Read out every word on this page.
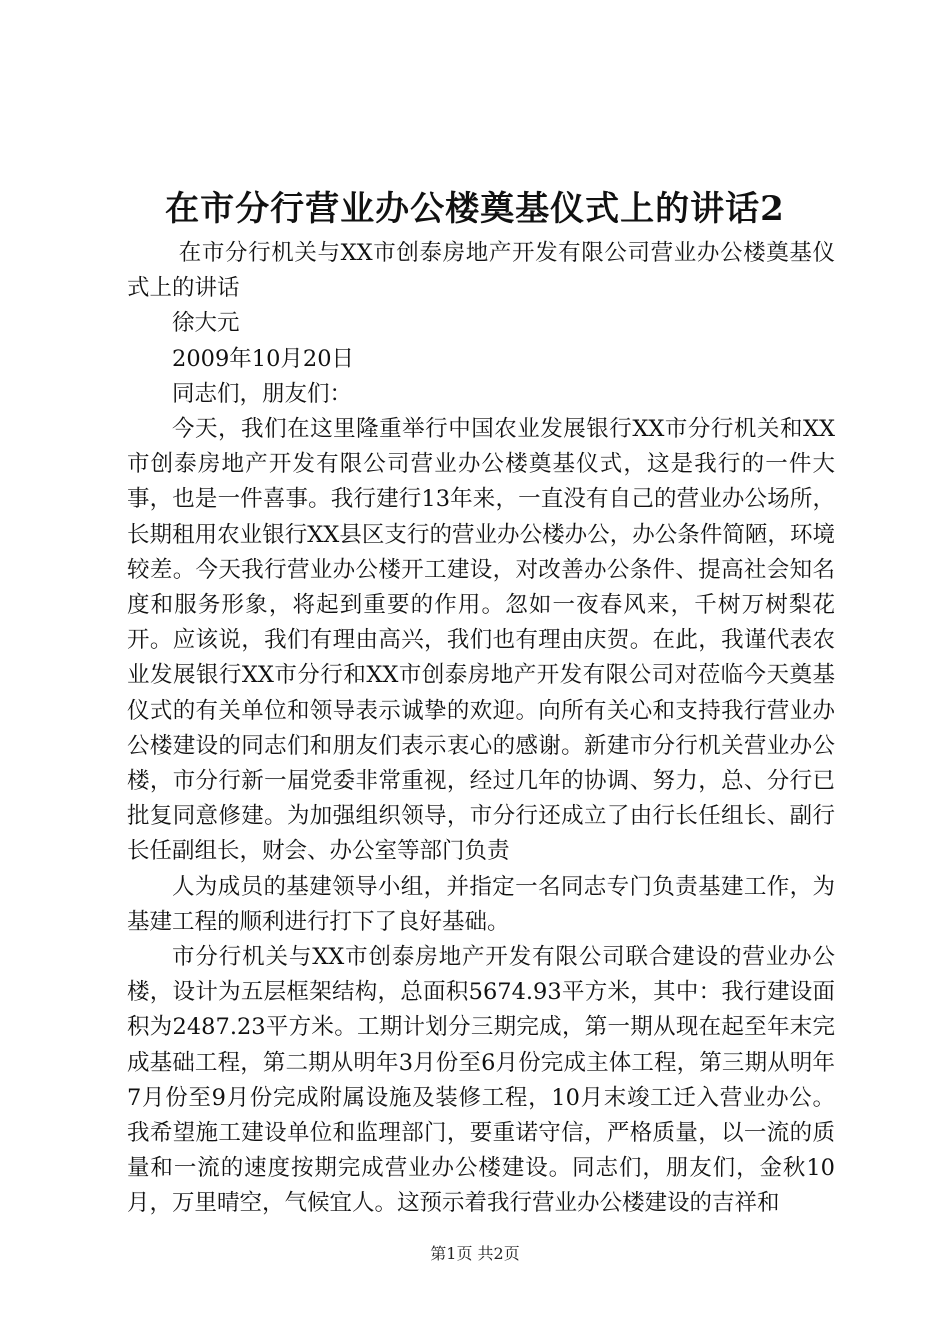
在市分行营业办公楼奠基仪式上的讲话2

在市分行机关与XX市创泰房地产开发有限公司营业办公楼奠基仪式上的讲话

徐大元

2009年10月20日

同志们，朋友们：

今天，我们在这里隆重举行中国农业发展银行XX市分行机关和XX市创泰房地产开发有限公司营业办公楼奠基仪式，这是我行的一件大事，也是一件喜事。我行建行13年来，一直没有自己的营业办公场所，长期租用农业银行XX县区支行的营业办公楼办公，办公条件简陋，环境较差。今天我行营业办公楼开工建设，对改善办公条件、提高社会知名度和服务形象，将起到重要的作用。忽如一夜春风来，千树万树梨花开。应该说，我们有理由高兴，我们也有理由庆贺。在此，我谨代表农业发展银行XX市分行和XX市创泰房地产开发有限公司对莅临今天奠基仪式的有关单位和领导表示诚挚的欢迎。向所有关心和支持我行营业办公楼建设的同志们和朋友们表示衷心的感谢。新建市分行机关营业办公楼，市分行新一届党委非常重视，经过几年的协调、努力，总、分行已批复同意修建。为加强组织领导，市分行还成立了由行长任组长、副行长任副组长，财会、办公室等部门负责

人为成员的基建领导小组，并指定一名同志专门负责基建工作，为基建工程的顺利进行打下了良好基础。

市分行机关与XX市创泰房地产开发有限公司联合建设的营业办公楼，设计为五层框架结构，总面积5674.93平方米，其中：我行建设面积为2487.23平方米。工期计划分三期完成，第一期从现在起至年末完成基础工程，第二期从明年3月份至6月份完成主体工程，第三期从明年7月份至9月份完成附属设施及装修工程，10月末竣工迁入营业办公。我希望施工建设单位和监理部门，要重诺守信，严格质量，以一流的质量和一流的速度按期完成营业办公楼建设。同志们，朋友们，金秋10月，万里晴空，气候宜人。这预示着我行营业办公楼建设的吉祥和

第1页 共2页
